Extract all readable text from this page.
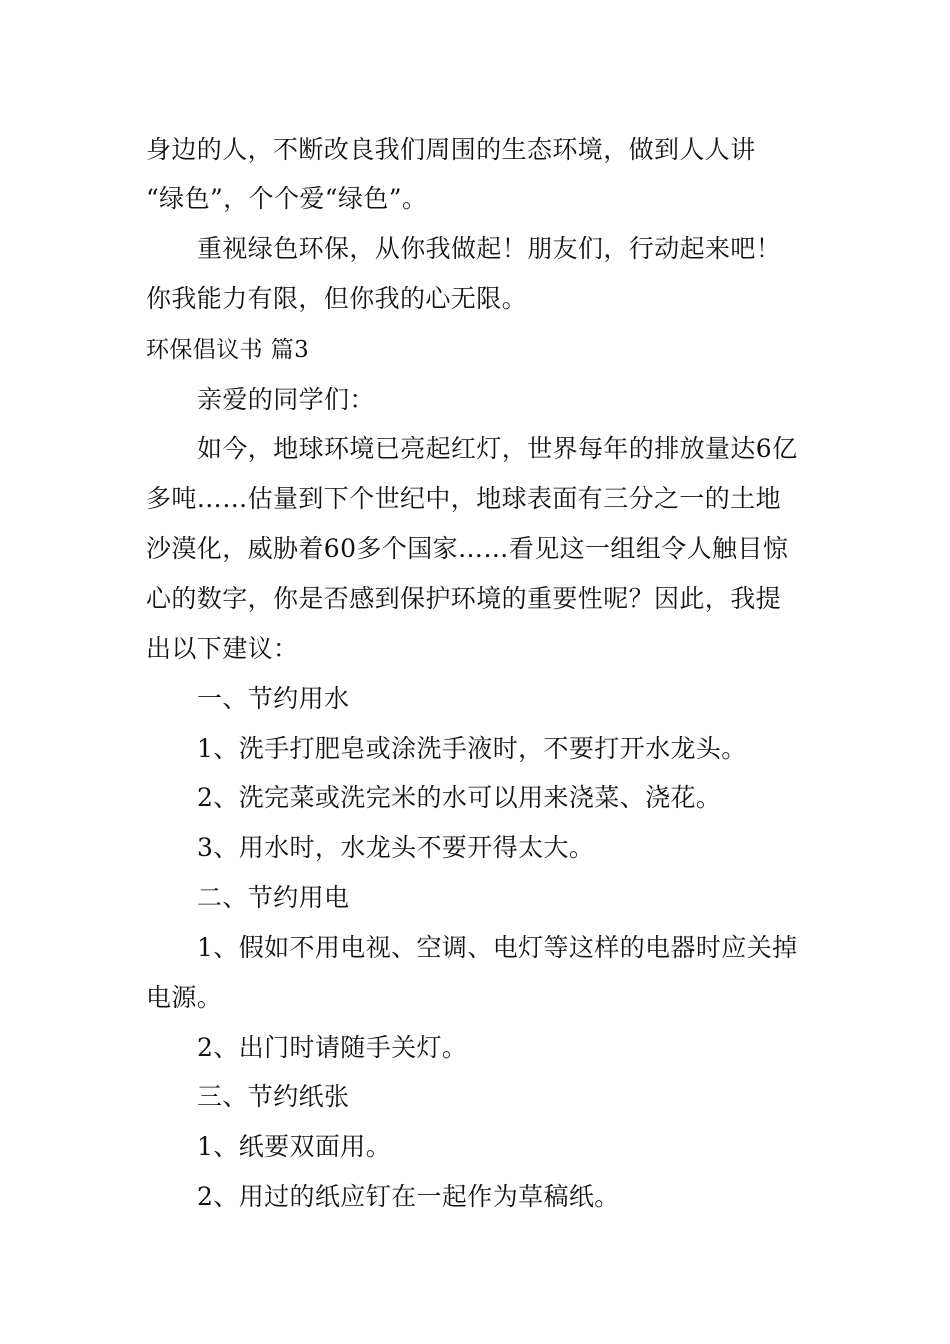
身边的人，不断改良我们周围的生态环境，做到人人讲
“绿色”，个个爱“绿色”。
重视绿色环保，从你我做起！朋友们，行动起来吧！
你我能力有限，但你我的心无限。
环保倡议书 篇3
亲爱的同学们：
如今，地球环境已亮起红灯，世界每年的排放量达6亿
多吨……估量到下个世纪中，地球表面有三分之一的土地
沙漠化，威胁着60多个国家……看见这一组组令人触目惊
心的数字，你是否感到保护环境的重要性呢？因此，我提
出以下建议：
一、节约用水
1、洗手打肥皂或涂洗手液时，不要打开水龙头。
2、洗完菜或洗完米的水可以用来浇菜、浇花。
3、用水时，水龙头不要开得太大。
二、节约用电
1、假如不用电视、空调、电灯等这样的电器时应关掉
电源。
2、出门时请随手关灯。
三、节约纸张
1、纸要双面用。
2、用过的纸应钉在一起作为草稿纸。
